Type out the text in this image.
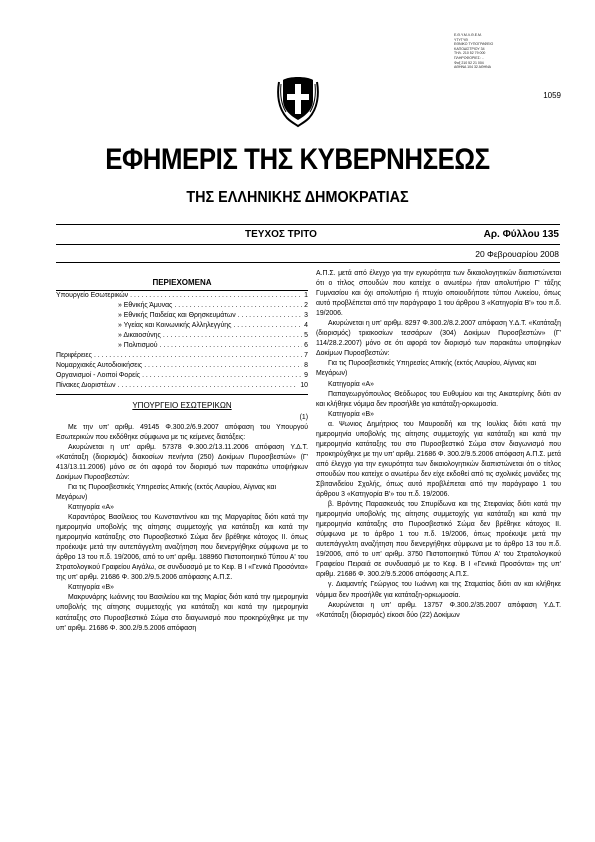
Ε.Θ.Υ.Μ.Λ.Θ.Ε.Μ.
ΥΤΥΤΥΘ
ΕΘΝΙΚΟ ΤΥΠΟΓΡΑΦΕΙΟ
ΚΑΠΟΔΙΣΤΡΙΟΥ 34
ΤΗΛ. 210 52 79 000
ΠΛΗΡΟΦΟΡΙΕΣ: ..
Φαξ 210 52 21 004
ΑΘΗΝΑ 104 32 ΑΘΗΝΑ
1059
ΕΦΗΜΕΡΙΣ ΤΗΣ ΚΥΒΕΡΝΗΣΕΩΣ
ΤΗΣ ΕΛΛΗΝΙΚΗΣ ΔΗΜΟΚΡΑΤΙΑΣ
ΤΕΥΧΟΣ ΤΡΙΤΟ	Αρ. Φύλλου 135
20 Φεβρουαρίου 2008

ΠΕΡΙΕΧΟΜΕΝΑ

Υπουργείο Εσωτερικών . . .	1
» Εθνικής Άμυνας . . .	2
» Εθνικής Παιδείας και Θρησκευμάτων . . .	3
» Υγείας και Κοινωνικής Αλληλεγγύης . . .	4
» Δικαιοσύνης . . .	5
» Πολιτισμού . . .	6
Περιφέρειες . . .	7
Νομαρχιακές Αυτοδιοικήσεις . . .	8
Οργανισμοί - Λοιποί Φορείς . . .	9
Πίνακες Διοριστέων . . .	10

ΥΠΟΥΡΓΕΙΟ ΕΣΩΤΕΡΙΚΩΝ

(1)

Με την υπ' αριθμ. 49145 Φ.300.2/6.9.2007 απόφαση του Υπουργού Εσωτερικών που εκδόθηκε σύμφωνα με τις κείμενες διατάξεις:

Ακυρώνεται η υπ' αριθμ. 57378 Φ.300.2/13.11.2006 απόφαση Υ.Δ.Τ. «Κατάταξη (διορισμός) διακοσίων πενήντα (250) Δοκίμων Πυροσβεστών» (Γ' 413/13.11.2006) μόνο σε ότι αφορά τον διορισμό των παρακάτω υποψήφιων Δοκίμων Πυροσβεστών:

Για τις Πυροσβεστικές Υπηρεσίες Αττικής (εκτός Λαυρίου, Αίγινας και Μεγάρων)

Κατηγορία «Α»

Καραντόρος Βασίλειος του Κωνσταντίνου και της Μαργαρίτας διότι κατά την ημερομηνία υποβολής της αίτησης συμμετοχής για κατάταξη και κατά την ημερομηνία κατάταξης στο Πυροσβεστικό Σώμα δεν βρέθηκε κάτοχος ΙΙ. όπως προέκυψε μετά την αυτεπάγγελτη αναζήτηση που διενεργήθηκε σύμφωνα με το άρθρο 13 του π.δ. 19/2006, από το υπ' αριθμ. 188960 Πιστοποιητικό Τύπου Α' του Στρατολογικού Γραφείου Αιγάλω, σε συνδυασμό με το Κεφ. Β Ι «Γενικά Προσόντα» της υπ' αριθμ. 21686 Φ. 300.2/9.5.2006 απόφασης Α.Π.Σ.

Κατηγορία «Β»

Μακρυνάρης Ιωάννης του Βασιλείου και της Μαρίας διότι κατά την ημερομηνία υποβολής της αίτησης συμμετοχής για κατάταξη και κατά την ημερομηνία κατάταξης στο Πυροσβεστικό Σώμα στο διαγωνισμό που προκηρύχθηκε με την υπ' αριθμ. 21686 Φ. 300.2/9.5.2006 απόφαση

Α.Π.Σ. μετά από έλεγχο για την εγκυρότητα των δικαιολογητικών διαπιστώνεται ότι ο τίτλος σπουδών που κατείχε ο ανωτέρω ήταν απολυτήριο Γ' τάξης Γυμνασίου και όχι απολυτήριο ή πτυχίο οποιουδήποτε τύπου Λυκείου, όπως αυτό προβλέπεται από την παράγραφο 1 του άρθρου 3 «Κατηγορία Β'» του π.δ. 19/2006.

Ακυρώνεται η υπ' αριθμ. 8297 Φ.300.2/8.2.2007 απόφαση Υ.Δ.Τ. «Κατάταξη (διορισμός) τριακοσίων τεσσάρων (304) Δοκίμων Πυροσβεστών» (Γ' 114/28.2.2007) μόνο σε ότι αφορά τον διορισμό των παρακάτω υποψηφίων Δοκίμων Πυροσβεστών:

Για τις Πυροσβεστικές Υπηρεσίες Αττικής (εκτός Λαυρίου, Αίγινας και Μεγάρων)

Κατηγορία «Α»

Παπαγεωργόπουλος Θεόδωρος του Ευθυμίου και της Αικατερίνης διότι αν και κλήθηκε νόμιμα δεν προσήλθε για κατάταξη-ορκωμοσία.

Κατηγορία «Β»

α. Ψωνιος Δημήτριος του Μαυροειδή και της Ιουλίας διότι κατά την ημερομηνία υποβολής της αίτησης συμμετοχής για κατάταξη και κατά την ημερομηνία κατάταξης του στο Πυροσβεστικό Σώμα στον διαγωνισμό που προκηρύχθηκε με την υπ' αριθμ. 21686 Φ. 300.2/9.5.2006 απόφαση Α.Π.Σ. μετά από έλεγχο για την εγκυρότητα των δικαιολογητικών διαπιστώνεται ότι ο τίτλος σπουδών που κατείχε ο ανωτέρω δεν είχε εκδοθεί από τις σχολικές μονάδες της Σβιτανιδείου Σχολής, όπως αυτό προβλέπεται από την παράγραφο 1 του άρθρου 3 «Κατηγορία Β'» του π.δ. 19/2006.

β. Βρόντης Παρασκευάς του Σπυρίδωνα και της Στεφανίας διότι κατά την ημερομηνία υποβολής της αίτησης συμμετοχής για κατάταξη και κατά την ημερομηνία κατάταξης στο Πυροσβεστικό Σώμα δεν βρέθηκε κάτοχος ΙΙ. σύμφωνα με το άρθρο 1 του π.δ. 19/2006, όπως προέκυψε μετά την αυτεπάγγελτη αναζήτηση που διενεργήθηκε σύμφωνα με το άρθρο 13 του π.δ. 19/2006, από το υπ' αριθμ. 3750 Πιστοποιητικό Τύπου Α' του Στρατολογικού Γραφείου Πειραιά σε συνδυασμό με το Κεφ. Β Ι «Γενικά Προσόντα» της υπ' αριθμ. 21686 Φ. 300.2/9.5.2006 απόφασης Α.Π.Σ.

γ. Διαμαντής Γεώργιος του Ιωάννη και της Σταματίας διότι αν και κλήθηκε νόμιμα δεν προσήλθε για κατάταξη-ορκωμοσία.

Ακυρώνεται η υπ' αριθμ. 13757 Φ.300.2/35.2007 απόφαση Υ.Δ.Τ. «Κατάταξη (διορισμός) είκοσι δύο (22) Δοκίμων
